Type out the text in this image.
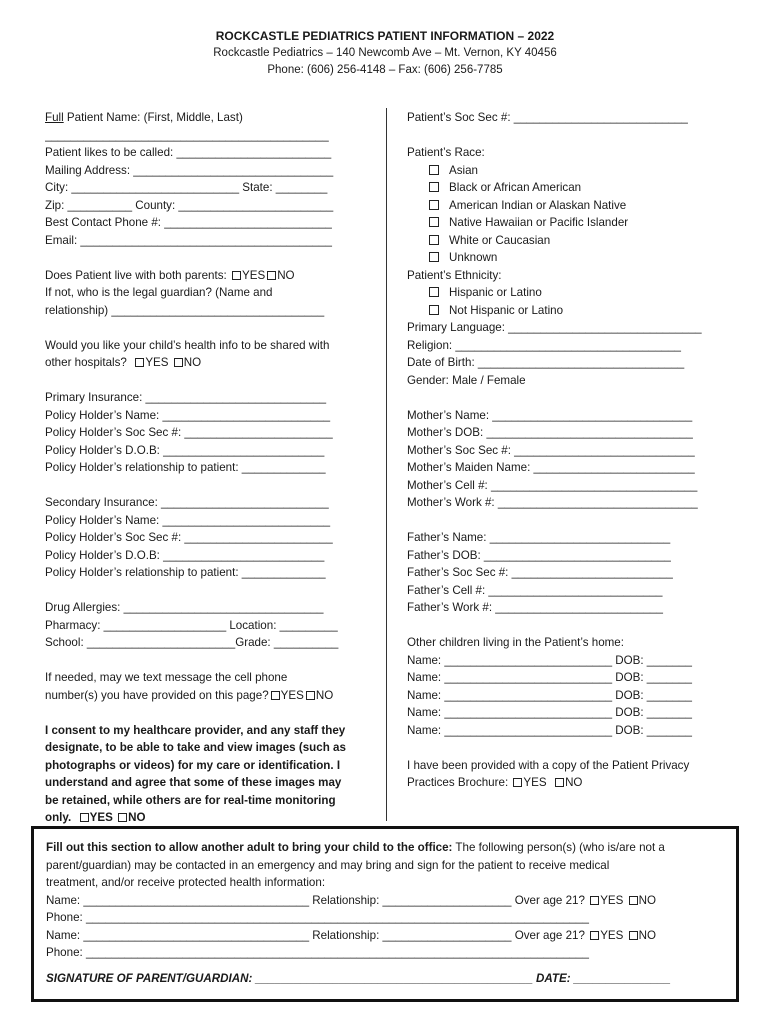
ROCKCASTLE PEDIATRICS PATIENT INFORMATION – 2022
Rockcastle Pediatrics – 140 Newcomb Ave – Mt. Vernon, KY 40456
Phone: (606) 256-4148 – Fax: (606) 256-7785
Full Patient Name: (First, Middle, Last)
____________________________________________
Patient likes to be called: ________________________
Mailing Address: _______________________________
City: __________________________ State: ________
Zip: __________ County: ________________________
Best Contact Phone #: __________________________
Email: _______________________________________
Does Patient live with both parents: YES NO
If not, who is the legal guardian? (Name and
relationship) _________________________________
Would you like your child’s health info to be shared with
other hospitals? YES NO
Primary Insurance: ____________________________
Policy Holder’s Name: __________________________
Policy Holder’s Soc Sec #: _______________________
Policy Holder’s D.O.B: _________________________
Policy Holder’s relationship to patient: _____________
Secondary Insurance: __________________________
Policy Holder’s Name: __________________________
Policy Holder’s Soc Sec #: _______________________
Policy Holder’s D.O.B: _________________________
Policy Holder’s relationship to patient: _____________
Drug Allergies: _______________________________
Pharmacy: ___________________ Location: _________
School: _______________________Grade: __________
If needed, may we text message the cell phone
number(s) you have provided on this page? YES NO
I consent to my healthcare provider, and any staff they
designate, to be able to take and view images (such as
photographs or videos) for my care or identification. I
understand and agree that some of these images may
be retained, while others are for real-time monitoring
only. YES NO
Patient’s Soc Sec #: ___________________________
Patient’s Race:
Asian
Black or African American
American Indian or Alaskan Native
Native Hawaiian or Pacific Islander
White or Caucasian
Unknown
Patient’s Ethnicity:
Hispanic or Latino
Not Hispanic or Latino
Primary Language: ______________________________
Religion: ___________________________________
Date of Birth: ________________________________
Gender: Male / Female
Mother’s Name: _______________________________
Mother’s DOB: ________________________________
Mother’s Soc Sec #: ____________________________
Mother’s Maiden Name: _________________________
Mother’s Cell #: ________________________________
Mother’s Work #: _______________________________
Father’s Name: ____________________________
Father’s DOB: _____________________________
Father’s Soc Sec #: _________________________
Father’s Cell #: ___________________________
Father’s Work #: __________________________
Other children living in the Patient’s home:
Name: __________________________ DOB: _______
Name: __________________________ DOB: _______
Name: __________________________ DOB: _______
Name: __________________________ DOB: _______
Name: __________________________ DOB: _______
I have been provided with a copy of the Patient Privacy
Practices Brochure: YES NO
Fill out this section to allow another adult to bring your child to the office: The following person(s) (who is/are not a
parent/guardian) may be contacted in an emergency and may bring and sign for the patient to receive medical
treatment, and/or receive protected health information:
Name: ___________________________________ Relationship: ____________________ Over age 21? YES NO
Phone: ______________________________________________________________________________
Name: ___________________________________ Relationship: ____________________ Over age 21? YES NO
Phone: ______________________________________________________________________________
SIGNATURE OF PARENT/GUARDIAN: ___________________________________________ DATE: _______________
